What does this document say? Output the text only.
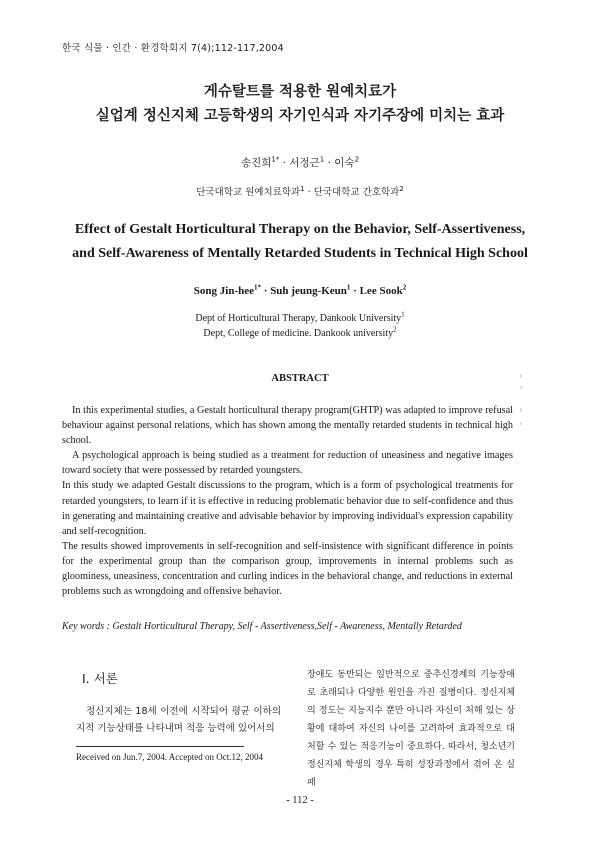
한국 식물 · 인간 · 환경학회지 7(4);112-117,2004
게슈탈트를 적용한 원예치료가
실업계 정신지체 고등학생의 자기인식과 자기주장에 미치는 효과
송진희$^{1*}$ · 서정근$^1$ · 이숙$^2$
단국대학교 원예치료학과$^1$ · 단국대학교 간호학과$^2$
Effect of Gestalt Horticultural Therapy on the Behavior, Self-Assertiveness,
and Self-Awareness of Mentally Retarded Students in Technical High School
Song Jin-hee$^{1*}$ · Suh jeung-Keun$^1$ · Lee Sook$^2$
Dept of Horticultural Therapy, Dankook University$^1$
Dept, College of medicine. Dankook university$^2$
ABSTRACT

In this experimental studies, a Gestalt horticultural therapy program(GHTP) was adapted to improve refusal behaviour against personal relations, which has shown among the mentally retarded students in technical high school.

A psychological approach is being studied as a treatment for reduction of uneasiness and negative images toward society that were possessed by retarded youngsters.

In this study we adapted Gestalt discussions to the program, which is a form of psychological treatments for retarded youngsters, to learn if it is effective in reducing problematic behavior due to self-confidence and thus in generating and maintaining creative and advisable behavior by improving individual's expression capability and self-recognition.

The results showed improvements in self-recognition and self-insistence with significant difference in points for the experimental group than the comparison group, improvements in internal problems such as gloominess, uneasiness, concentration and curling indices in the behavioral change, and reductions in external problems such as wrongdoing and offensive behavior.

Key words : Gestalt Horticultural Therapy, Self - Assertiveness,Self - Awareness, Mentally Retarded
Ⅰ. 서론
정신지체는 18세 이전에 시작되어 평균 이하의 지적 기능상태를 나타내며 적응 능력에 있어서의
장애도 동반되는 일반적으로 중추신경계의 기능장애로 초래되나 다양한 원인을 가진 질병이다. 정신지체의 정도는 지능지수 뿐만 아니라 자신이 처해 있는 상황에 대하여 자신의 나이를 고려하여 효과적으로 대처할 수 있는 적응기능이 중요하다. 따라서, 청소년기 정신지체 학생의 경우 특히 성장과정에서 겪어 온 실패
Received on Jun.7, 2004. Accepted on Oct.12, 2004
- 112 -
